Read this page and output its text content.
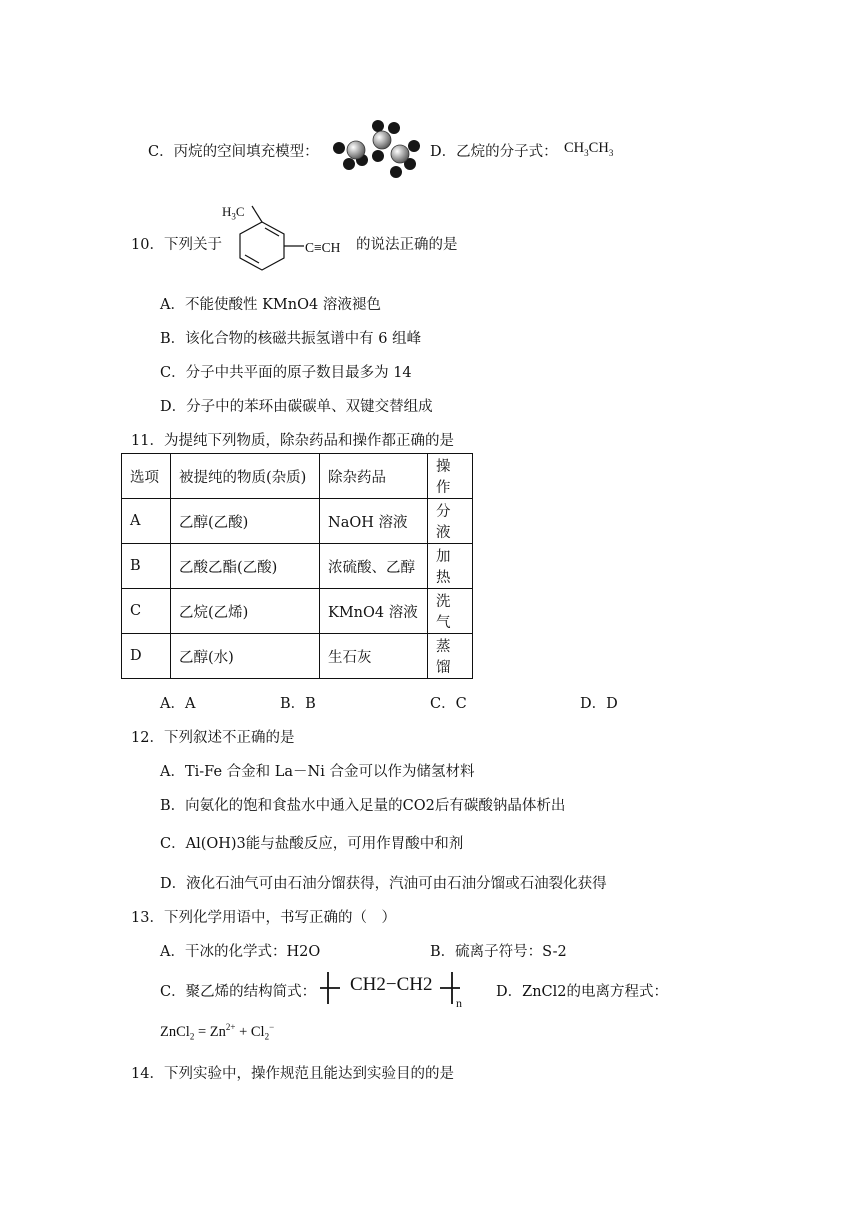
C．丙烷的空间填充模型：	D．乙烷的分子式： $CH_3CH_3$
10．下列关于
$H_3C$
C≡CH 的说法正确的是
A．不能使酸性 KMnO4 溶液褪色
B．该化合物的核磁共振氢谱中有 6 组峰
C．分子中共平面的原子数目最多为 14
D．分子中的苯环由碳碳单、双键交替组成
11．为提纯下列物质，除杂药品和操作都正确的是
选项	被提纯的物质(杂质)	除杂药品	操作
A	乙醇(乙酸)	NaOH 溶液	分液
B	乙酸乙酯(乙酸)	浓硫酸、乙醇	加热
C	乙烷(乙烯)	KMnO4 溶液	洗气
D	乙醇(水)	生石灰	蒸馏
A．A	B．B	C．C	D．D
12．下列叙述不正确的是
A．Ti-Fe 合金和 La－Ni 合金可以作为储氢材料
B．向氨化的饱和食盐水中通入足量的CO2后有碳酸钠晶体析出
C．Al(OH)3能与盐酸反应，可用作胃酸中和剂
D．液化石油气可由石油分馏获得，汽油可由石油分馏或石油裂化获得
13．下列化学用语中，书写正确的（　）
A．干冰的化学式：H2O	B．硫离子符号：S-2
C．聚乙烯的结构简式： CH2−CH2
n
D．ZnCl2的电离方程式：
ZnCl$_2$ = $Zn^{2+} + Cl_2^-$
14．下列实验中，操作规范且能达到实验目的的是
